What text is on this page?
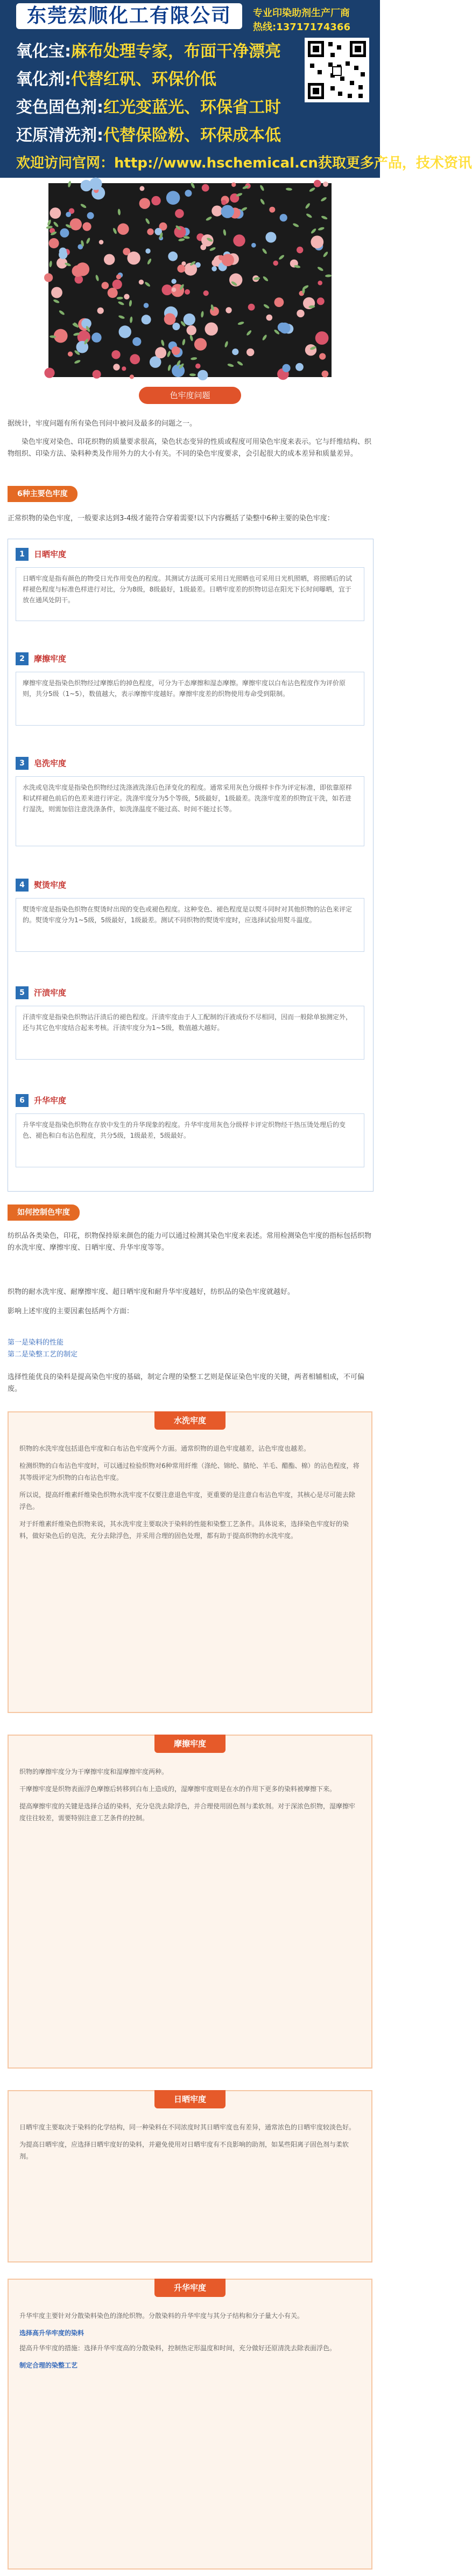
东莞宏顺化工有限公司	专业印染助剂生产厂商
热线:13717174366
氧化宝:麻布处理专家，布面干净漂亮
氧化剂:代替红矾、环保价低
变色固色剂:红光变蓝光、环保省工时
还原清洗剂:代替保险粉、环保成本低
欢迎访问官网：http://www.hschemical.cn获取更多产品，技术资讯
色牢度问题
据统计，牢度问题有所有染色刊问中被问及最多的问题之一。
染色牢度对染色、印花织物的质量要求很高，染色状态变异的性质或程度可用染色牢度来表示。它与纤维结构、织物组织、印染方法、染料种类及作用外力的大小有关。不同的染色牢度要求，会引起很大的成本差异和质量差异。
6种主要色牢度
正常织物的染色牢度，一般要求达到3-4级才能符合穿着需要!以下内容概括了染整中6种主要的染色牢度：
1	日晒牢度
日晒牢度是指有颜色的物受日光作用变色的程度。其测试方法既可采用日光照晒也可采用日光机照晒，将照晒后的试样褪色程度与标准色样进行对比，分为8级，8级最好，1级最差。日晒牢度差的织物切忌在阳光下长时间曝晒，宜于放在通风处阴干。
2	摩擦牢度
摩擦牢度是指染色织物经过摩擦后的掉色程度，可分为干态摩擦和湿态摩擦。摩擦牢度以白布沾色程度作为评价原则，共分5级（1~5），数值越大，表示摩擦牢度越好。摩擦牢度差的织物使用寿命受到限制。
3	皂洗牢度
水洗或皂洗牢度是指染色织物经过洗涤液洗涤后色泽变化的程度。通常采用灰色分级样卡作为评定标准，即依靠原样和试样褪色前后的色差来进行评定。洗涤牢度分为5个等级，5级最好，1级最差。洗涤牢度差的织物宜干洗，如若进行湿洗，则需加倍注意洗涤条件，如洗涤温度不能过高、时间不能过长等。
4	熨烫牢度
熨烫牢度是指染色织物在熨烫时出现的变色或褪色程度。这种变色、褪色程度是以熨斗同时对其他织物的沾色来评定的。熨烫牢度分为1~5级，5级最好，1级最差。测试不同织物的熨烫牢度时，应选择试验用熨斗温度。
5	汗渍牢度
汗渍牢度是指染色织物沾汗渍后的褪色程度。汗渍牢度由于人工配制的汗液成份不尽相同，因而一般除单独测定外，还与其它色牢度结合起来考核。汗渍牢度分为1~5级，数值越大越好。
6	升华牢度
升华牢度是指染色织物在存放中发生的升华现象的程度。升华牢度用灰色分级样卡评定织物经干热压烫处理后的变色、褪色和白布沾色程度，共分5级，1级最差，5级最好。
如何控制色牢度
纺织品各类染色，印花，织物保持原来颜色的能力可以通过检测其染色牢度来表述。常用检测染色牢度的指标包括织物的水洗牢度、摩擦牢度、日晒牢度、升华牢度等等。
织物的耐水洗牢度、耐摩擦牢度、超日晒牢度和耐升华牢度越好，纺织品的染色牢度就越好。
影响上述牢度的主要因素包括两个方面：
第一是染料的性能
第二是染整工艺的制定
选择性能优良的染料是提高染色牢度的基础，制定合理的染整工艺则是保证染色牢度的关键，两者相辅相成，不可偏废。
水洗牢度

织物的水洗牢度包括退色牢度和白布沾色牢度两个方面。通常织物的退色牢度越差，沾色牢度也越差。

检测织物的白布沾色牢度时，可以通过检验织物对6种常用纤维（涤纶、锦纶、腈纶、羊毛、醋酯、棉）的沾色程度，将其等级评定为织物的白布沾色牢度。

所以说，提高纤维素纤维染色织物水洗牢度不仅要注意退色牢度，更重要的是注意白布沾色牢度，其核心是尽可能去除浮色。

对于纤维素纤维染色织物来说，其水洗牢度主要取决于染料的性能和染整工艺条件。具体说来，选择染色牢度好的染料，做好染色后的皂洗，充分去除浮色，并采用合理的固色处理，都有助于提高织物的水洗牢度。

摩擦牢度

织物的摩擦牢度分为干摩擦牢度和湿摩擦牢度两种。

干摩擦牢度是织物表面浮色摩擦后转移到白布上造成的，湿摩擦牢度则是在水的作用下更多的染料被摩擦下来。

提高摩擦牢度的关键是选择合适的染料，充分皂洗去除浮色，并合理使用固色剂与柔软剂。对于深浓色织物，湿摩擦牢度往往较差，需要特别注意工艺条件的控制。

日晒牢度

日晒牢度主要取决于染料的化学结构，同一种染料在不同浓度时其日晒牢度也有差异，通常浓色的日晒牢度较淡色好。

为提高日晒牢度，应选择日晒牢度好的染料，并避免使用对日晒牢度有不良影响的助剂，如某些阳离子固色剂与柔软剂。

升华牢度

升华牢度主要针对分散染料染色的涤纶织物。分散染料的升华牢度与其分子结构和分子量大小有关。

选择高升华牢度的染料

提高升华牢度的措施：选择升华牢度高的分散染料，控制热定形温度和时间，充分做好还原清洗去除表面浮色。

制定合理的染整工艺
